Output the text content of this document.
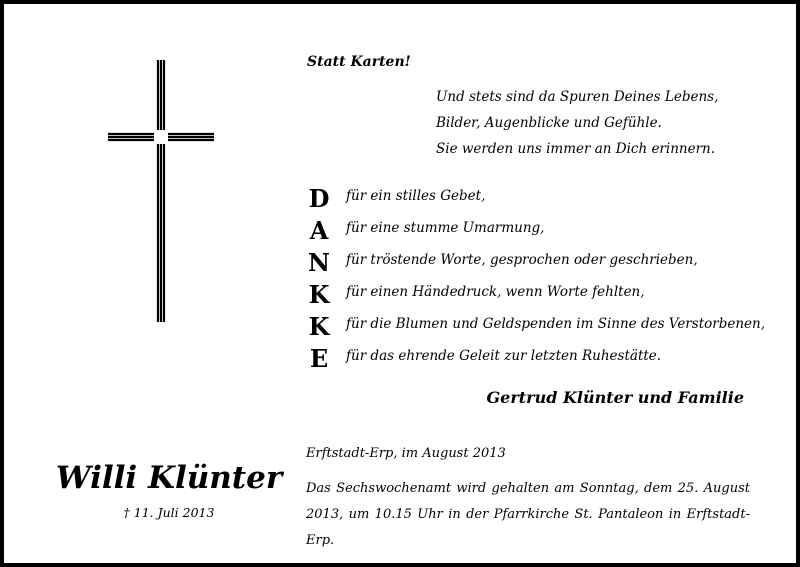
Statt Karten!
Und stets sind da Spuren Deines Lebens,
Bilder, Augenblicke und Gefühle.
Sie werden uns immer an Dich erinnern.
D	für ein stilles Gebet,
A	für eine stumme Umarmung,
N für tröstende Worte, gesprochen oder geschrieben,
K	für einen Händedruck, wenn Worte fehlten,
K	für die Blumen und Geldspenden im Sinne des Verstorbenen,
E	für das ehrende Geleit zur letzten Ruhestätte.
Gertrud Klünter und Familie
Willi Klünter
† 11. Juli 2013
Erftstadt-Erp, im August 2013
Das Sechswochenamt wird gehalten am Sonntag, dem 25. August 2013, um 10.15 Uhr in der Pfarrkirche St. Pantaleon in Erftstadt-Erp.
